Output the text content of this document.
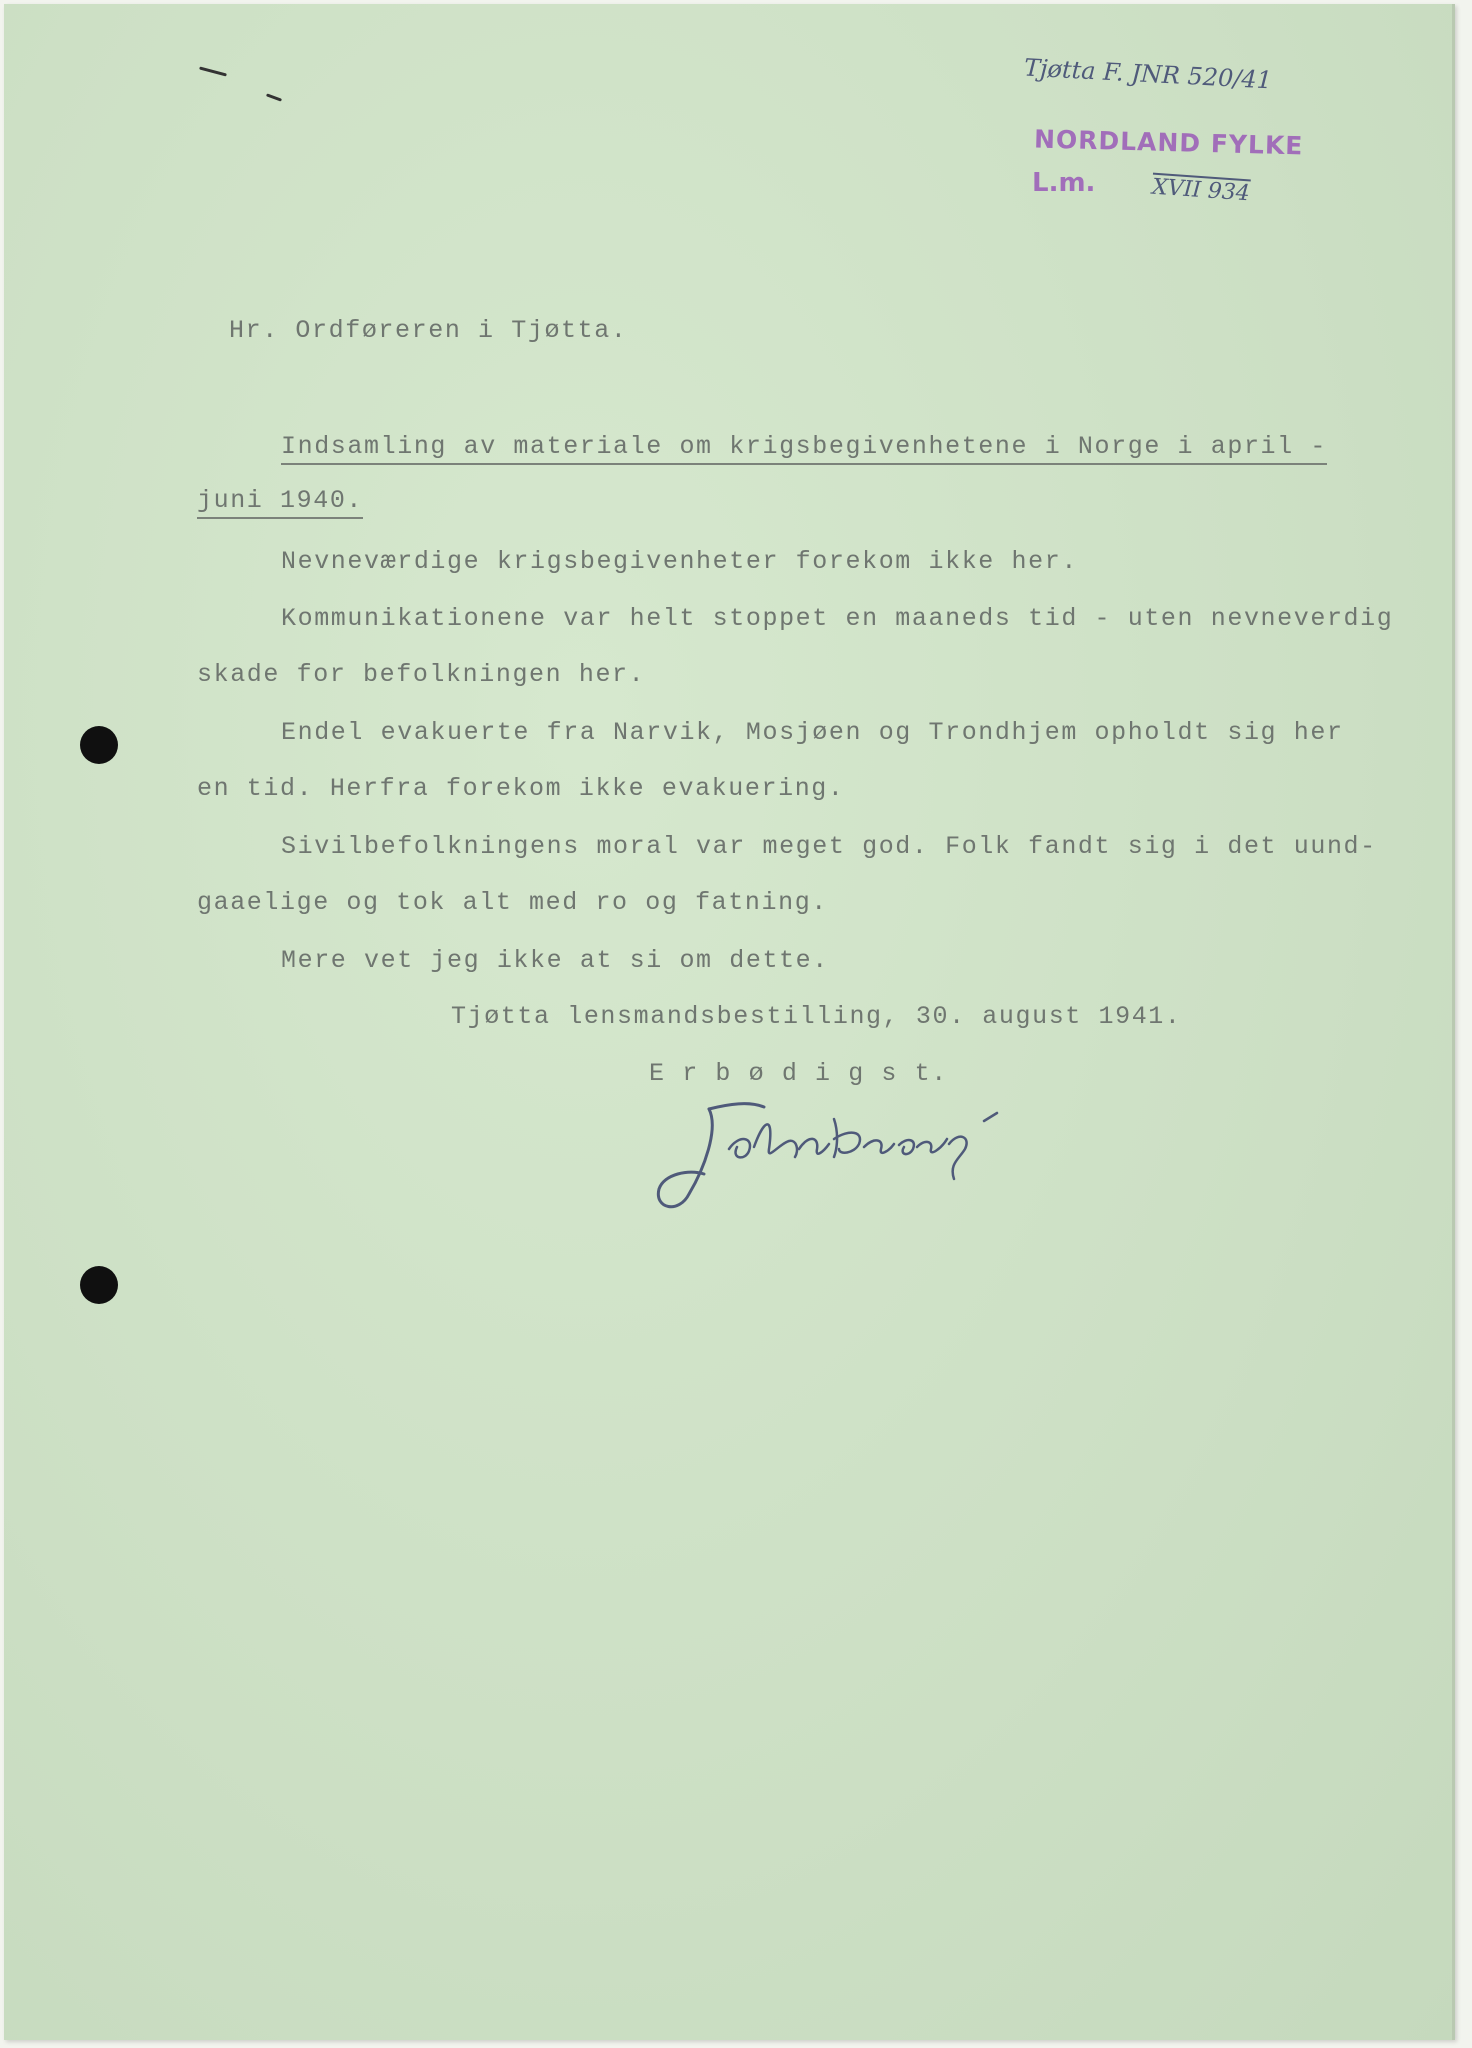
Tjøtta F. JNR 520/41
NORDLAND FYLKE
L.m.	XVII 934
Hr. Ordføreren i Tjøtta.
Indsamling av materiale om krigsbegivenhetene i Norge i april -
juni 1940.
Nevneværdige krigsbegivenheter forekom ikke her.
Kommunikationene var helt stoppet en maaneds tid - uten nevneverdig
skade for befolkningen her.
Endel evakuerte fra Narvik, Mosjøen og Trondhjem opholdt sig her
en tid. Herfra forekom ikke evakuering.
Sivilbefolkningens moral var meget god. Folk fandt sig i det uund-
gaaelige og tok alt med ro og fatning.
Mere vet jeg ikke at si om dette.
Tjøtta lensmandsbestilling, 30. august 1941.
E r b ø d i g s t.
